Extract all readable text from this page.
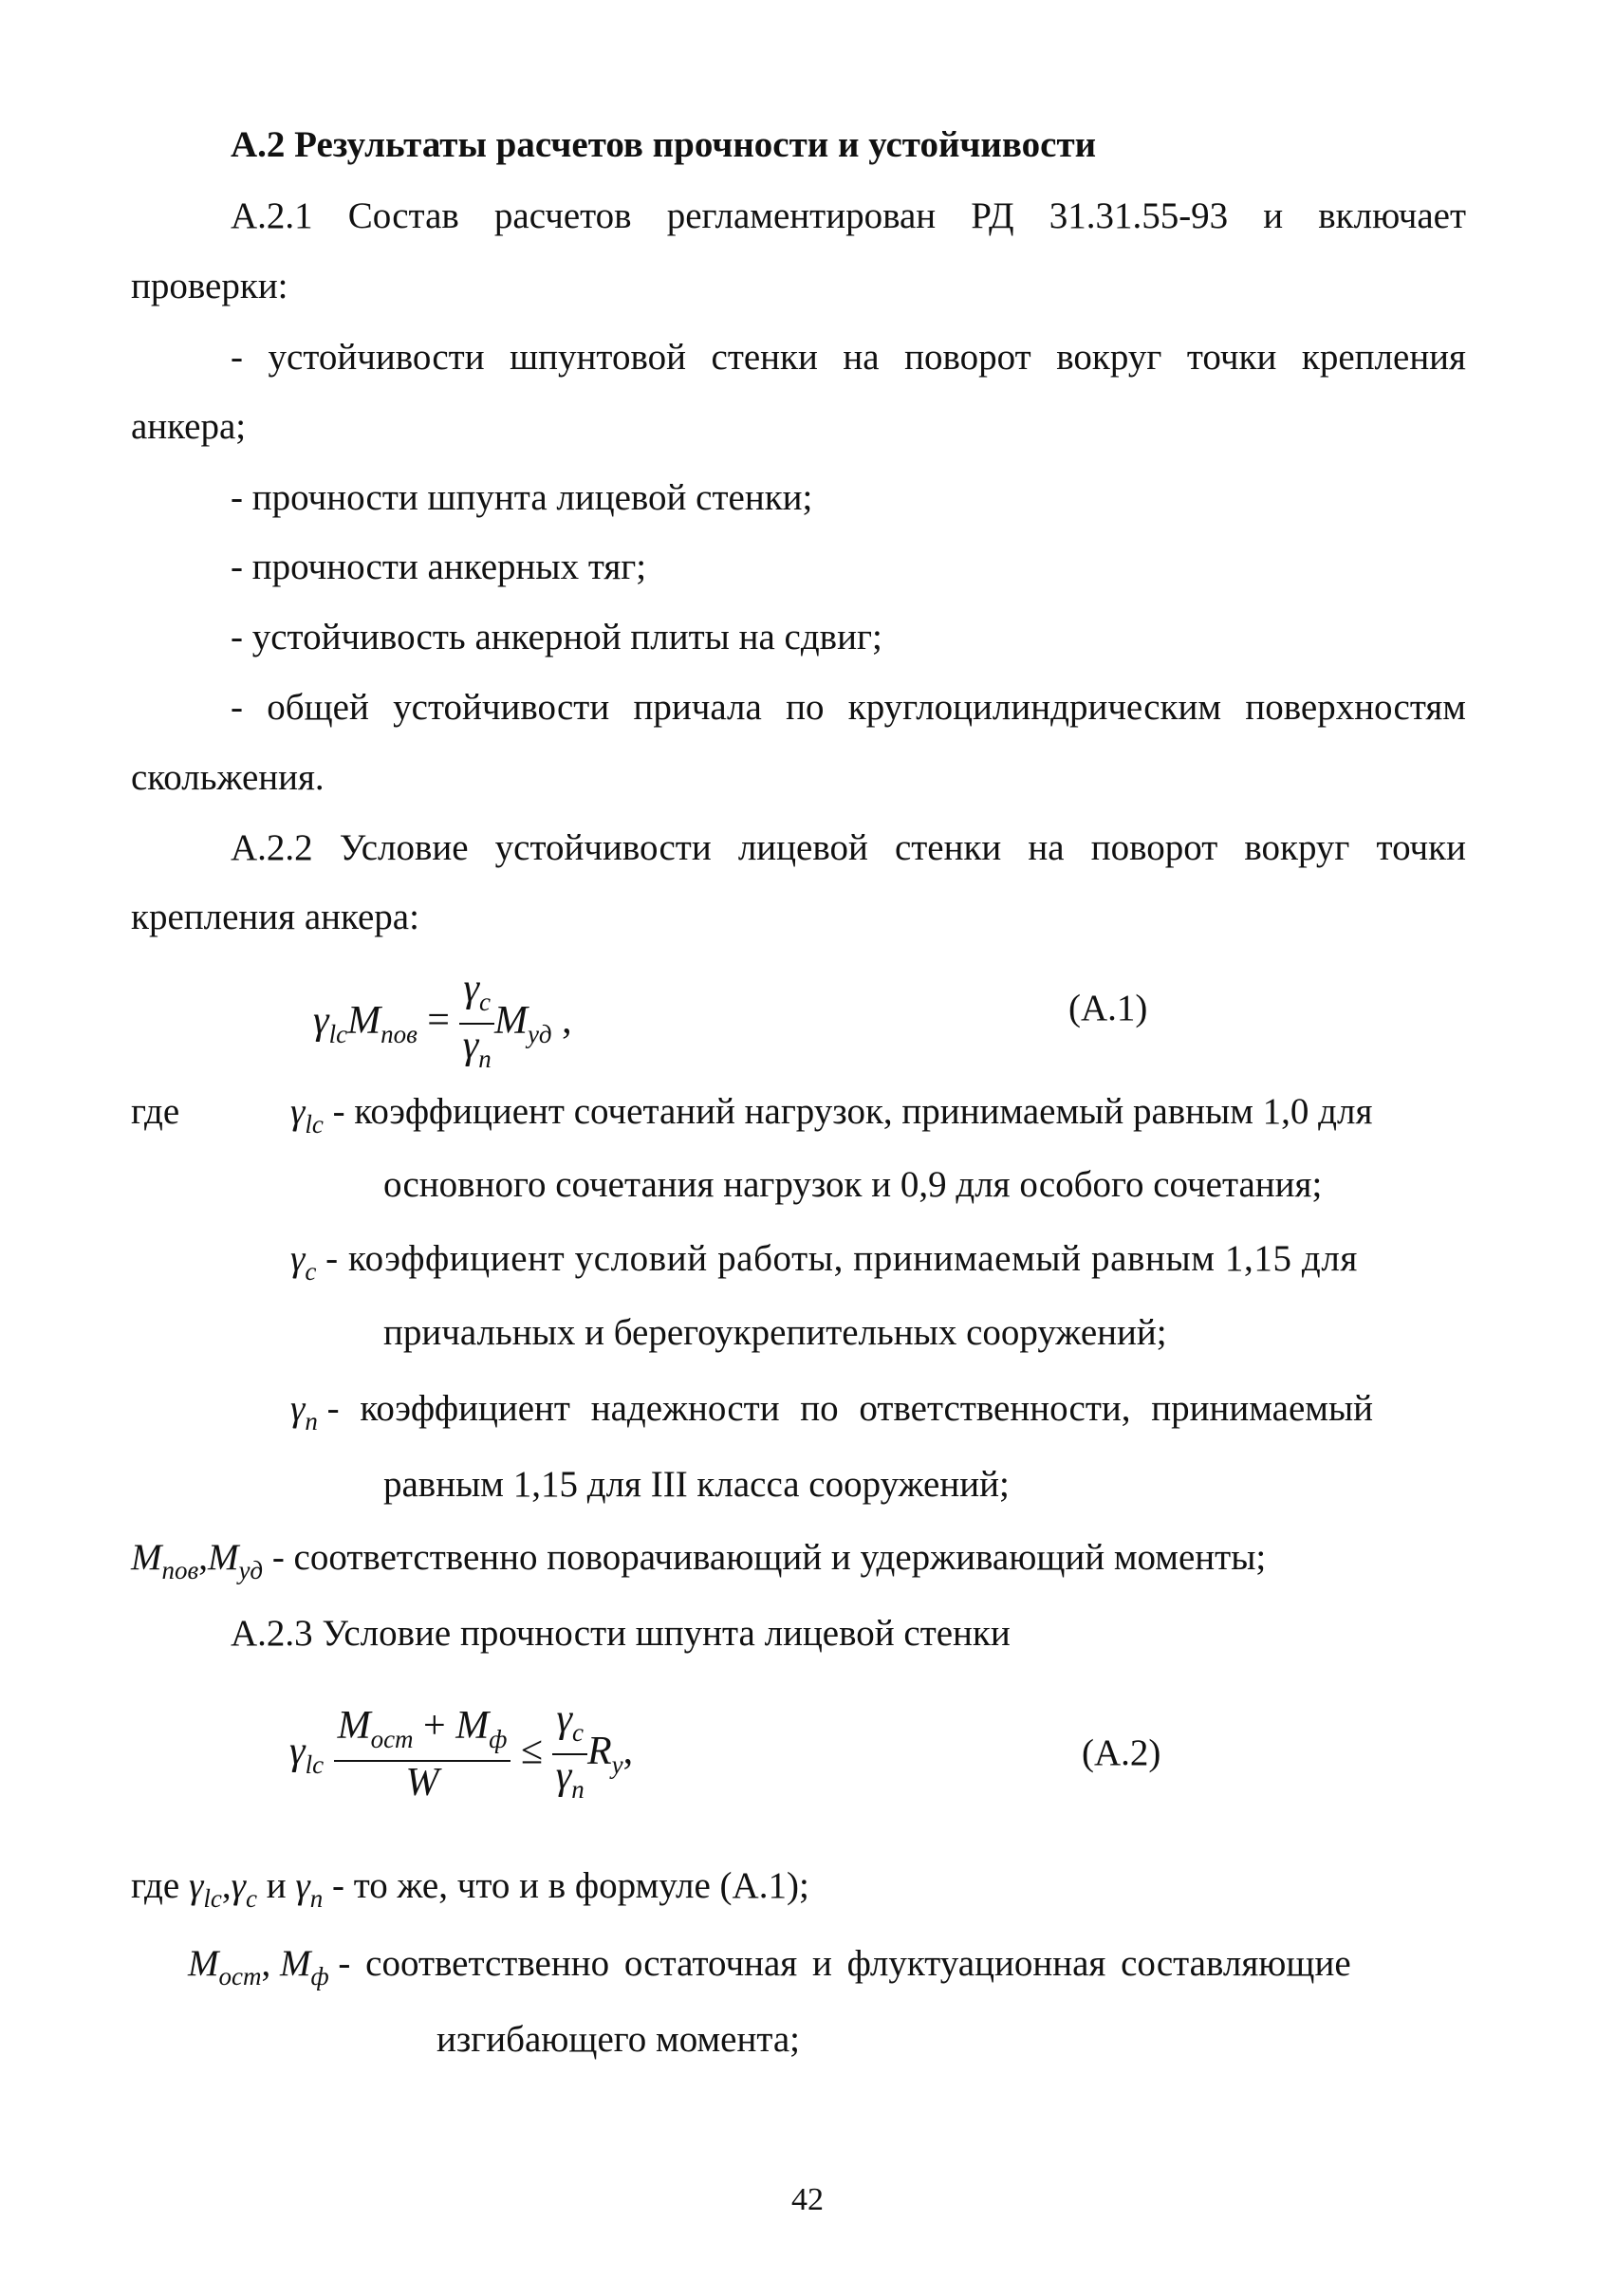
А.2 Результаты расчетов прочности и устойчивости
А.2.1 Состав расчетов регламентирован РД 31.31.55-93 и включает
проверки:
- устойчивости шпунтовой стенки на поворот вокруг точки крепления
анкера;
- прочности шпунта лицевой стенки;
- прочности анкерных тяг;
- устойчивость анкерной плиты на сдвиг;
- общей устойчивости причала по круглоцилиндрическим поверхностям
скольжения.
А.2.2 Условие устойчивости лицевой стенки на поворот вокруг точки
крепления анкера:
$\gamma_{lc}M_{пов} = \frac{\gamma_c}{\gamma_n} M_{уд}$ ,	(А.1)
где	$\gamma_{lc}$ - коэффициент сочетаний нагрузок, принимаемый равным 1,0 для
основного сочетания нагрузок и 0,9 для особого сочетания;
$\gamma_c$ - коэффициент условий работы, принимаемый равным 1,15 для
причальных и берегоукрепительных сооружений;
$\gamma_n$ - коэффициент надежности по ответственности, принимаемый
равным 1,15 для III класса сооружений;
$M_{пов},M_{уд}$ - соответственно поворачивающий и удерживающий моменты;
А.2.3 Условие прочности шпунта лицевой стенки
$\gamma_{lc} \frac{M_{ост} + M_ф}{W} \le \frac{\gamma_c}{\gamma_n} R_y$,	(А.2)
где $\gamma_{lc},\gamma_c$ и $\gamma_n$ - то же, что и в формуле (А.1);
$M_{ост}$, $M_ф$ - соответственно остаточная и флуктуационная составляющие
изгибающего момента;
42
